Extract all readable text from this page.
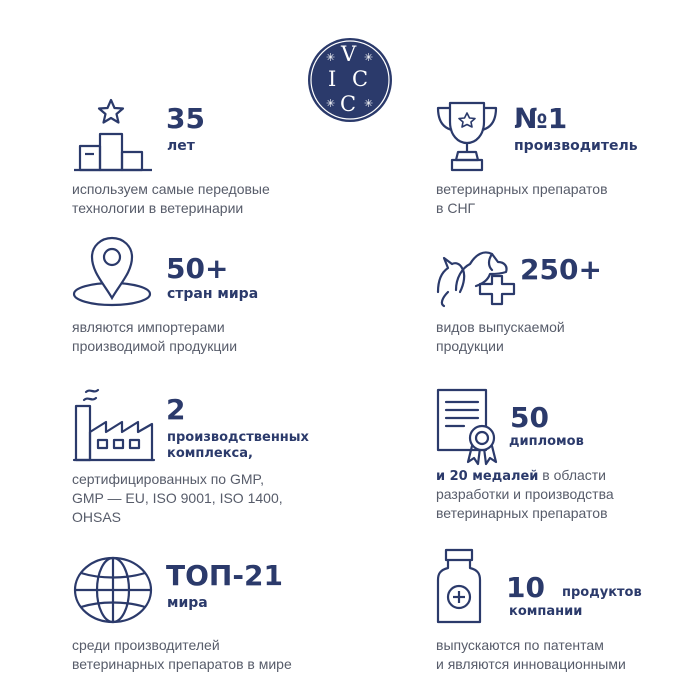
✳	✳
✳	✳
V
I C
C
35
лет
используем самые передовые
технологии в ветеринарии
№1
производитель
ветеринарных препаратов
в СНГ
50+
стран мира
являются импортерами
производимой продукции
250+
видов выпускаемой
продукции
2
производственных
комплекса,
сертифицированных по GMP,
GMP — EU, ISO 9001, ISO 1400,
OHSAS
50
дипломов
и 20 медалей в области
разработки и производства
ветеринарных препаратов
ТОП-21
мира
среди производителей
ветеринарных препаратов в мире
10 продуктов
компании
выпускаются по патентам
и являются инновационными
